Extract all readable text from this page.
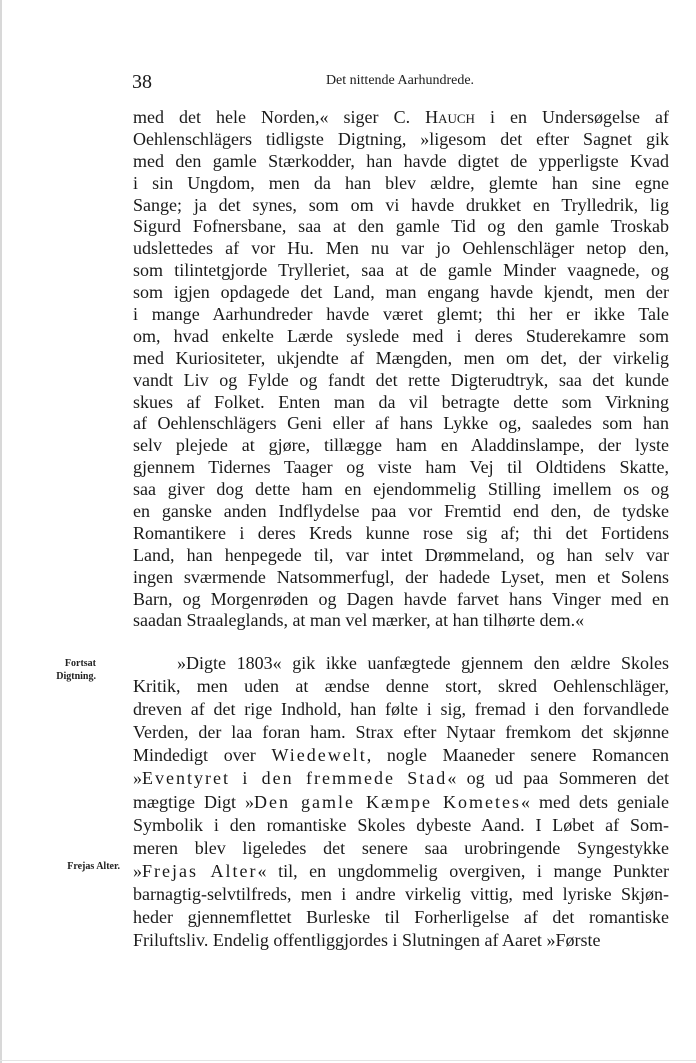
38	Det nittende Aarhundrede.
med det hele Norden,« siger C. Hauch i en Undersøgelse af
Oehlenschlägers tidligste Digtning, »ligesom det efter Sagnet gik
med den gamle Stærkodder, han havde digtet de ypperligste Kvad
i sin Ungdom, men da han blev ældre, glemte han sine egne
Sange; ja det synes, som om vi havde drukket en Trylledrik, lig
Sigurd Fofnersbane, saa at den gamle Tid og den gamle Troskab
udslettedes af vor Hu. Men nu var jo Oehlenschläger netop den,
som tilintetgjorde Trylleriet, saa at de gamle Minder vaagnede, og
som igjen opdagede det Land, man engang havde kjendt, men der
i mange Aarhundreder havde været glemt; thi her er ikke Tale
om, hvad enkelte Lærde syslede med i deres Studerekamre som
med Kuriositeter, ukjendte af Mængden, men om det, der virkelig
vandt Liv og Fylde og fandt det rette Digterudtryk, saa det kunde
skues af Folket. Enten man da vil betragte dette som Virkning
af Oehlenschlägers Geni eller af hans Lykke og, saaledes som han
selv plejede at gjøre, tillægge ham en Aladdinslampe, der lyste
gjennem Tidernes Taager og viste ham Vej til Oldtidens Skatte,
saa giver dog dette ham en ejendommelig Stilling imellem os og
en ganske anden Indflydelse paa vor Fremtid end den, de tydske
Romantikere i deres Kreds kunne rose sig af; thi det Fortidens
Land, han henpegede til, var intet Drømmeland, og han selv var
ingen sværmende Natsommerfugl, der hadede Lyset, men et Solens
Barn, og Morgenrøden og Dagen havde farvet hans Vinger med en
saadan Straaleglands, at man vel mærker, at han tilhørte dem.«
»Digte 1803« gik ikke uanfægtede gjennem den ældre Skoles
Kritik, men uden at ændse denne stort, skred Oehlenschläger,
dreven af det rige Indhold, han følte i sig, fremad i den forvandlede
Verden, der laa foran ham. Strax efter Nytaar fremkom det skjønne
Mindedigt over Wiedewelt, nogle Maaneder senere Romancen
»Eventyret i den fremmede Stad« og ud paa Sommeren det
mægtige Digt »Den gamle Kæmpe Kometes« med dets geniale
Symbolik i den romantiske Skoles dybeste Aand. I Løbet af Som-
meren blev ligeledes det senere saa urobringende Syngestykke
»Frejas Alter« til, en ungdommelig overgiven, i mange Punkter
barnagtig-selvtilfreds, men i andre virkelig vittig, med lyriske Skjøn-
heder gjennemflettet Burleske til Forherligelse af det romantiske
Friluftsliv. Endelig offentliggjordes i Slutningen af Aaret »Første
Fortsat
Digtning.
Frejas Alter.
